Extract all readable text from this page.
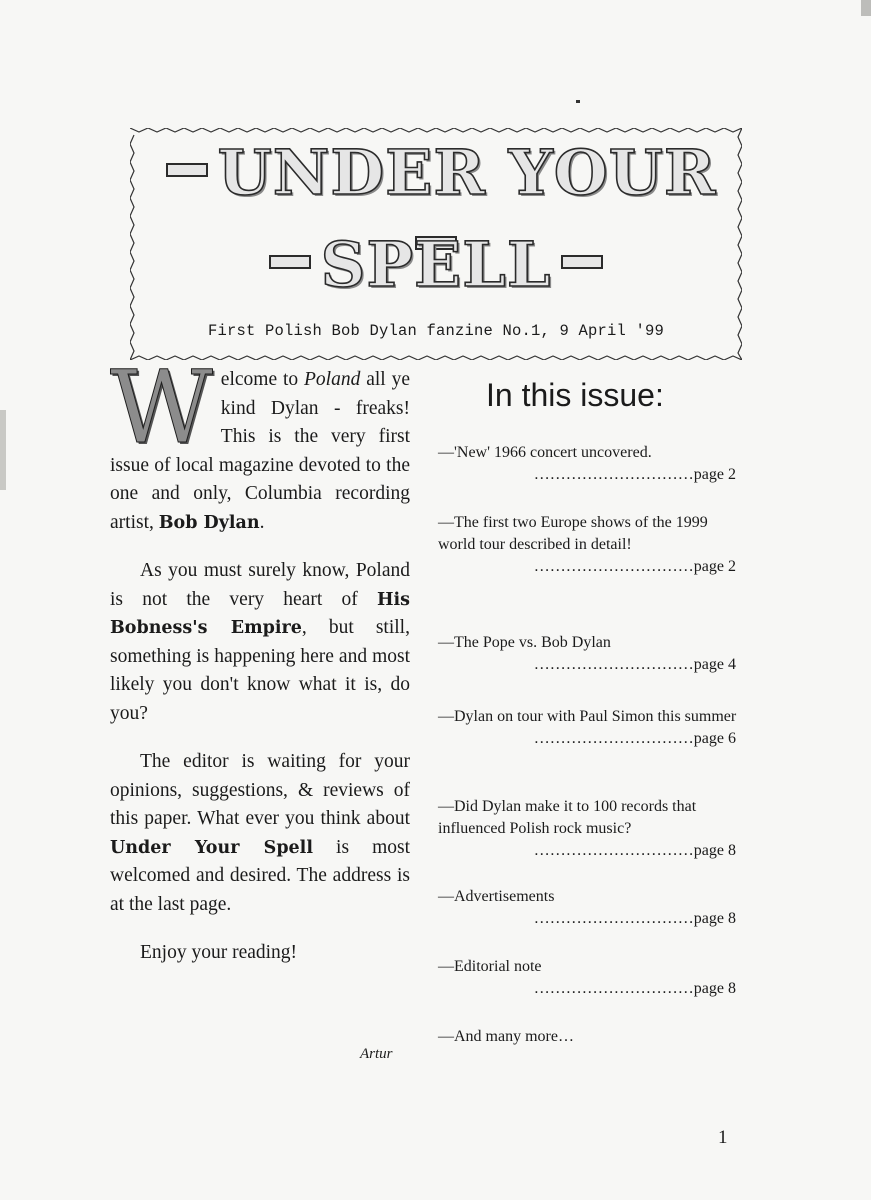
UNDER YOUR
SPELL
First Polish Bob Dylan fanzine No.1, 9 April '99

Welcome to Poland all ye kind Dylan - freaks! This is the very first issue of local magazine devoted to the one and only, Columbia recording artist, Bob Dylan.

As you must surely know, Poland is not the very heart of His Bobness's Empire, but still, something is happening here and most likely you don't know what it is, do you?

The editor is waiting for your opinions, suggestions, & reviews of this paper. What ever you think about Under Your Spell is most welcomed and desired. The address is at the last page.

Enjoy your reading!

Artur
In this issue:
—'New' 1966 concert uncovered.
…………………………page 2
—The first two Europe shows of the 1999 world tour described in detail!
…………………………page 2
—The Pope vs. Bob Dylan
…………………………page 4
—Dylan on tour with Paul Simon this summer
…………………………page 6
—Did Dylan make it to 100 records that influenced Polish rock music?
…………………………page 8
—Advertisements
…………………………page 8
—Editorial note
…………………………page 8
—And many more…
1
